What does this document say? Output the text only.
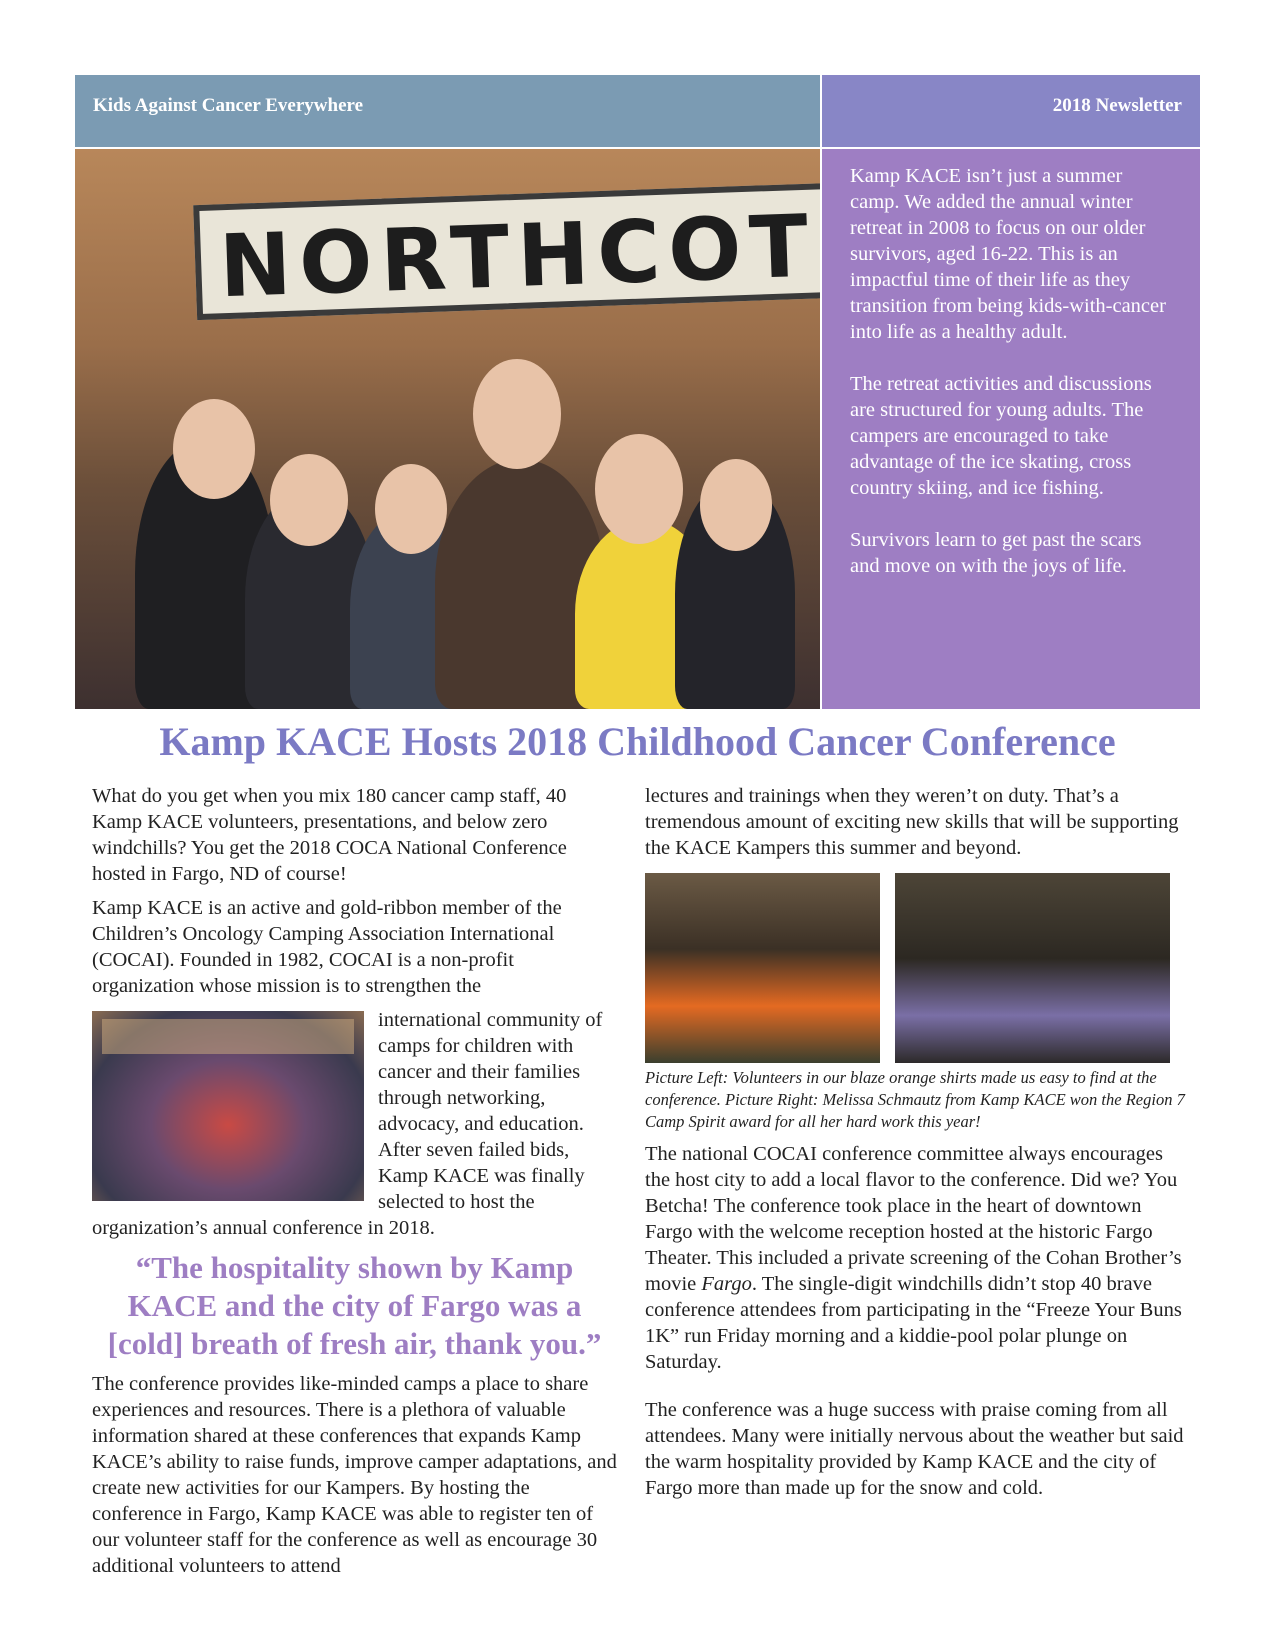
Kids Against Cancer Everywhere	2018 Newsletter
NORTHCOT

Kamp KACE isn’t just a summer camp. We added the annual winter retreat in 2008 to focus on our older survivors, aged 16-22. This is an impactful time of their life as they transition from being kids-with-cancer into life as a healthy adult.

The retreat activities and discussions are structured for young adults. The campers are encouraged to take advantage of the ice skating, cross country skiing, and ice fishing.

Survivors learn to get past the scars and move on with the joys of life.

Kamp KACE Hosts 2018 Childhood Cancer Conference

What do you get when you mix 180 cancer camp staff, 40 Kamp KACE volunteers, presentations, and below zero windchills? You get the 2018 COCA National Conference hosted in Fargo, ND of course!

Kamp KACE is an active and gold-ribbon member of the Children’s Oncology Camping Association International (COCAI). Founded in 1982, COCAI is a non-profit organization whose mission is to strengthen the

international community of camps for children with cancer and their families through networking, advocacy, and education. After seven failed bids, Kamp KACE was finally selected to host the organization’s annual conference in 2018.

“The hospitality shown by Kamp KACE and the city of Fargo was a [cold] breath of fresh air, thank you.”

The conference provides like-minded camps a place to share experiences and resources. There is a plethora of valuable information shared at these conferences that expands Kamp KACE’s ability to raise funds, improve camper adaptations, and create new activities for our Kampers. By hosting the conference in Fargo, Kamp KACE was able to register ten of our volunteer staff for the conference as well as encourage 30 additional volunteers to attend

lectures and trainings when they weren’t on duty. That’s a tremendous amount of exciting new skills that will be supporting the KACE Kampers this summer and beyond.

Picture Left: Volunteers in our blaze orange shirts made us easy to find at the conference. Picture Right: Melissa Schmautz from Kamp KACE won the Region 7 Camp Spirit award for all her hard work this year!

The national COCAI conference committee always encourages the host city to add a local flavor to the conference. Did we? You Betcha! The conference took place in the heart of downtown Fargo with the welcome reception hosted at the historic Fargo Theater. This included a private screening of the Cohan Brother’s movie Fargo. The single-digit windchills didn’t stop 40 brave conference attendees from participating in the “Freeze Your Buns 1K” run Friday morning and a kiddie-pool polar plunge on Saturday.

The conference was a huge success with praise coming from all attendees. Many were initially nervous about the weather but said the warm hospitality provided by Kamp KACE and the city of Fargo more than made up for the snow and cold.
